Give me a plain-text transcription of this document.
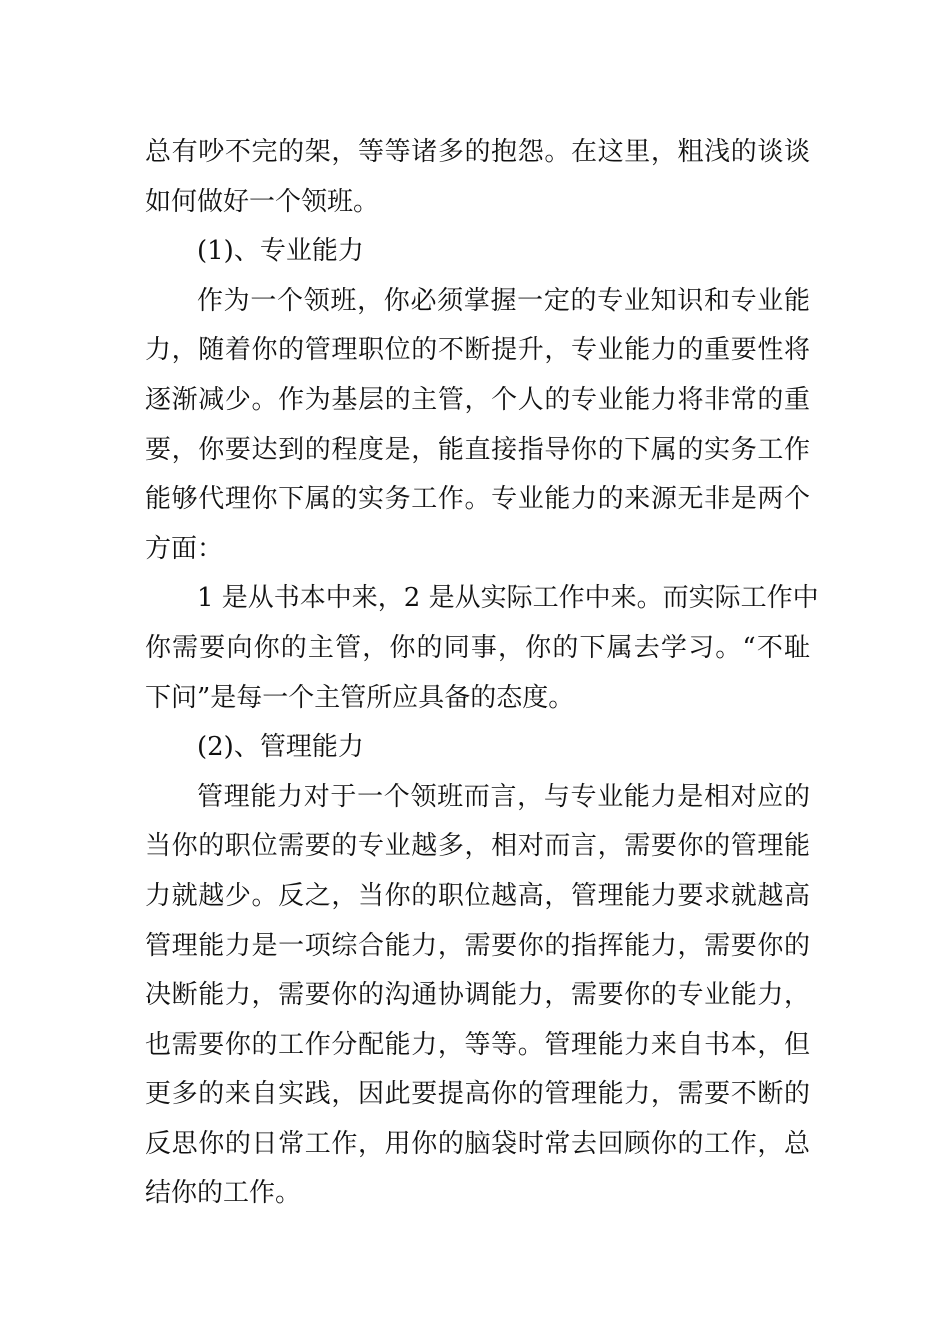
总有吵不完的架，等等诸多的抱怨。在这里，粗浅的谈谈
如何做好一个领班。
(1)、专业能力
作为一个领班，你必须掌握一定的专业知识和专业能
力，随着你的管理职位的不断提升，专业能力的重要性将
逐渐减少。作为基层的主管，个人的专业能力将非常的重
要，你要达到的程度是，能直接指导你的下属的实务工作
能够代理你下属的实务工作。专业能力的来源无非是两个
方面：
1 是从书本中来，2 是从实际工作中来。而实际工作中
你需要向你的主管，你的同事，你的下属去学习。“不耻
下问”是每一个主管所应具备的态度。
(2)、管理能力
管理能力对于一个领班而言，与专业能力是相对应的
当你的职位需要的专业越多，相对而言，需要你的管理能
力就越少。反之，当你的职位越高，管理能力要求就越高
管理能力是一项综合能力，需要你的指挥能力，需要你的
决断能力，需要你的沟通协调能力，需要你的专业能力，
也需要你的工作分配能力，等等。管理能力来自书本，但
更多的来自实践，因此要提高你的管理能力，需要不断的
反思你的日常工作，用你的脑袋时常去回顾你的工作，总
结你的工作。
